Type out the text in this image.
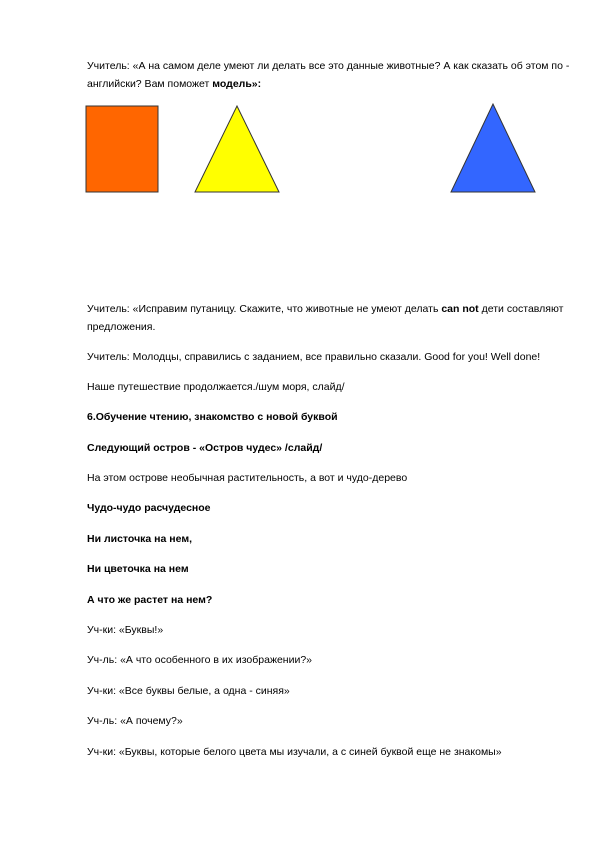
Учитель: «А на самом деле умеют ли делать все это данные животные? А как сказать об этом по -
английски? Вам поможет модель»:
Учитель: «Исправим путаницу. Скажите, что животные не умеют делать can not дети составляют
предложения.
Учитель: Молодцы, справились с заданием, все правильно сказали. Good for you! Well done!
Наше путешествие продолжается./шум моря, слайд/
6.Обучение чтению, знакомство с новой буквой
Следующий остров - «Остров чудес» /слайд/
На этом острове необычная растительность, а вот и чудо-дерево
Чудо-чудо расчудесное
Ни листочка на нем,
Ни цветочка на нем
А что же растет на нем?
Уч-ки: «Буквы!»
Уч-ль: «А что особенного в их изображении?»
Уч-ки: «Все буквы белые, а одна - синяя»
Уч-ль: «А почему?»
Уч-ки: «Буквы, которые белого цвета мы изучали, а с синей буквой еще не знакомы»
